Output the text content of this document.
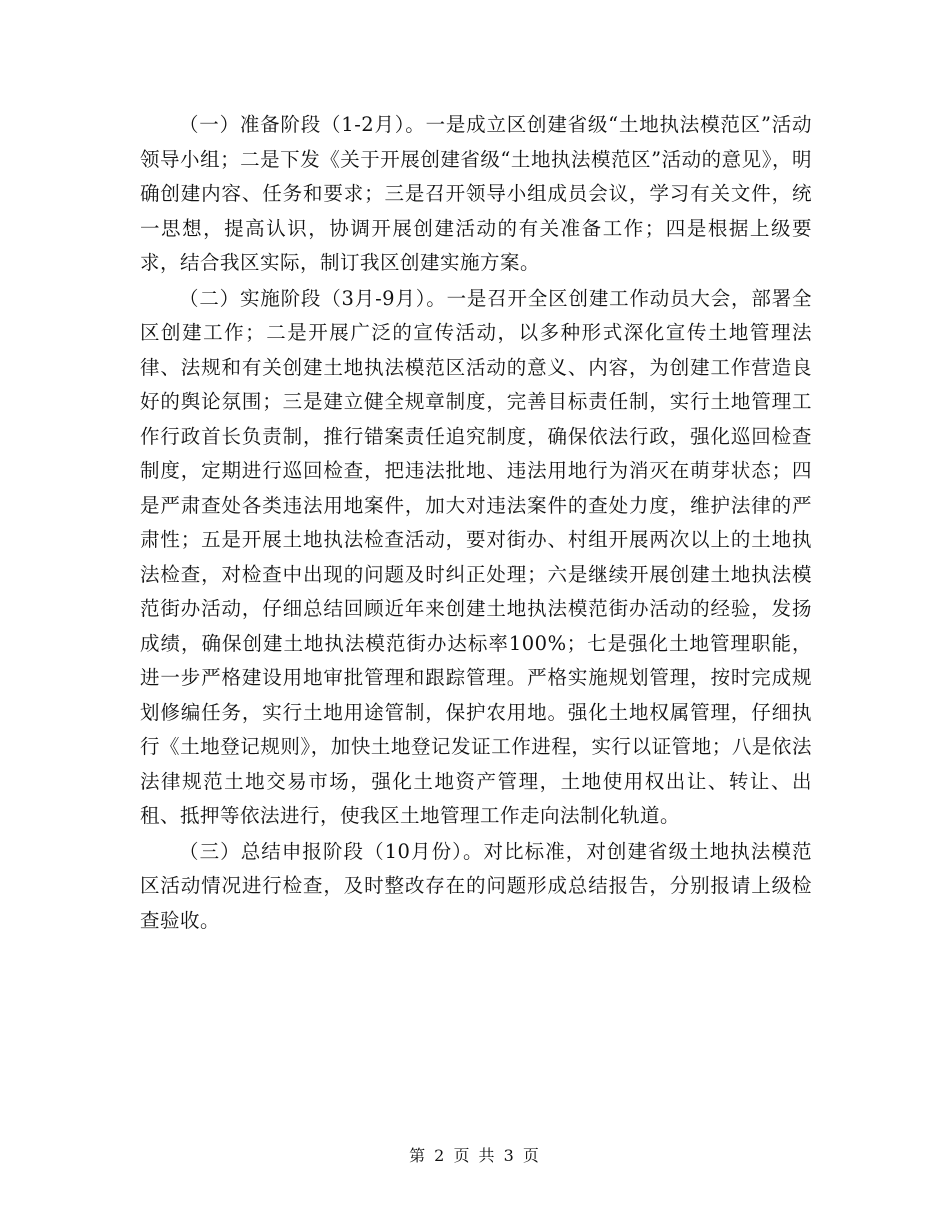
（一）准备阶段（1-2月）。一是成立区创建省级“土地执法模范区”活动领导小组；二是下发《关于开展创建省级“土地执法模范区”活动的意见》，明确创建内容、任务和要求；三是召开领导小组成员会议，学习有关文件，统一思想，提高认识，协调开展创建活动的有关准备工作；四是根据上级要求，结合我区实际，制订我区创建实施方案。

（二）实施阶段（3月-9月）。一是召开全区创建工作动员大会，部署全区创建工作；二是开展广泛的宣传活动，以多种形式深化宣传土地管理法律、法规和有关创建土地执法模范区活动的意义、内容，为创建工作营造良好的舆论氛围；三是建立健全规章制度，完善目标责任制，实行土地管理工作行政首长负责制，推行错案责任追究制度，确保依法行政，强化巡回检查制度，定期进行巡回检查，把违法批地、违法用地行为消灭在萌芽状态；四是严肃查处各类违法用地案件，加大对违法案件的查处力度，维护法律的严肃性；五是开展土地执法检查活动，要对街办、村组开展两次以上的土地执法检查，对检查中出现的问题及时纠正处理；六是继续开展创建土地执法模范街办活动，仔细总结回顾近年来创建土地执法模范街办活动的经验，发扬成绩，确保创建土地执法模范街办达标率100%；七是强化土地管理职能，进一步严格建设用地审批管理和跟踪管理。严格实施规划管理，按时完成规划修编任务，实行土地用途管制，保护农用地。强化土地权属管理，仔细执行《土地登记规则》，加快土地登记发证工作进程，实行以证管地；八是依法法律规范土地交易市场，强化土地资产管理，土地使用权出让、转让、出租、抵押等依法进行，使我区土地管理工作走向法制化轨道。

（三）总结申报阶段（10月份）。对比标准，对创建省级土地执法模范区活动情况进行检查，及时整改存在的问题形成总结报告，分别报请上级检查验收。

第 2 页 共 3 页
